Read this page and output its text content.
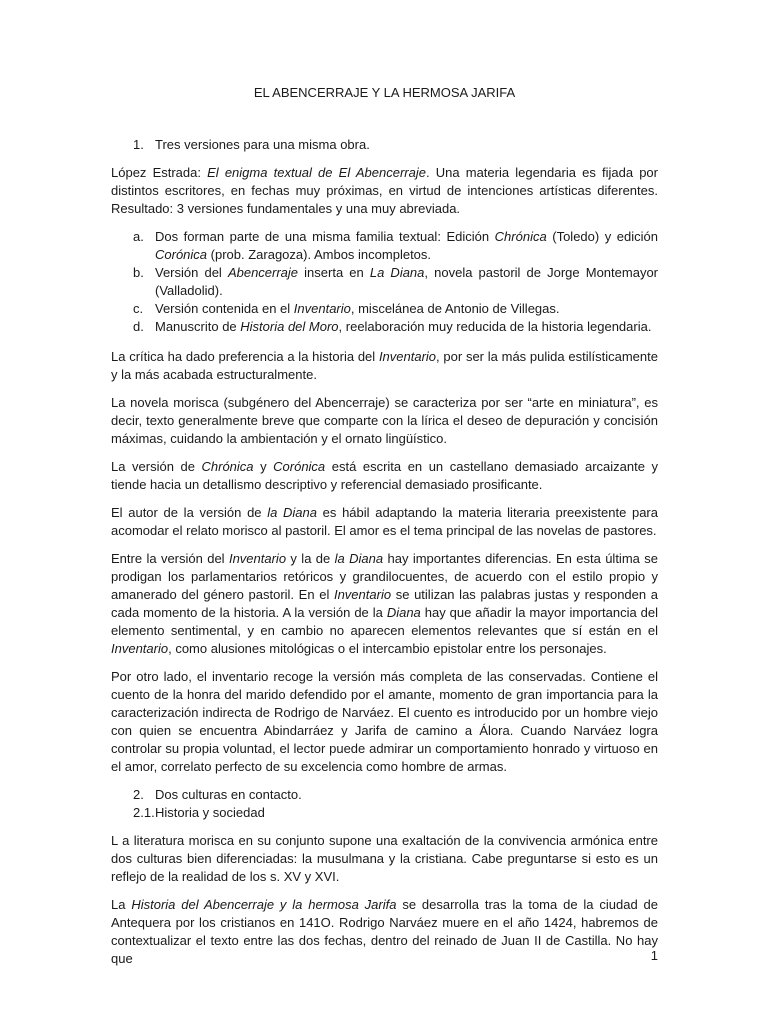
EL ABENCERRAJE Y LA HERMOSA JARIFA
1. Tres versiones para una misma obra.

López Estrada: El enigma textual de El Abencerraje. Una materia legendaria es fijada por distintos escritores, en fechas muy próximas, en virtud de intenciones artísticas diferentes. Resultado: 3 versiones fundamentales y una muy abreviada.

a. Dos forman parte de una misma familia textual: Edición Chrónica (Toledo) y edición Corónica (prob. Zaragoza). Ambos incompletos.
b. Versión del Abencerraje inserta en La Diana, novela pastoril de Jorge Montemayor (Valladolid).
c. Versión contenida en el Inventario, miscelánea de Antonio de Villegas.
d. Manuscrito de Historia del Moro, reelaboración muy reducida de la historia legendaria.

La crítica ha dado preferencia a la historia del Inventario, por ser la más pulida estilísticamente y la más acabada estructuralmente.

La novela morisca (subgénero del Abencerraje) se caracteriza por ser “arte en miniatura”, es decir, texto generalmente breve que comparte con la lírica el deseo de depuración y concisión máximas, cuidando la ambientación y el ornato lingüístico.

La versión de Chrónica y Corónica está escrita en un castellano demasiado arcaizante y tiende hacia un detallismo descriptivo y referencial demasiado prosificante.

El autor de la versión de la Diana es hábil adaptando la materia literaria preexistente para acomodar el relato morisco al pastoril. El amor es el tema principal de las novelas de pastores.

Entre la versión del Inventario y la de la Diana hay importantes diferencias. En esta última se prodigan los parlamentarios retóricos y grandilocuentes, de acuerdo con el estilo propio y amanerado del género pastoril. En el Inventario se utilizan las palabras justas y responden a cada momento de la historia. A la versión de la Diana hay que añadir la mayor importancia del elemento sentimental, y en cambio no aparecen elementos relevantes que sí están en el Inventario, como alusiones mitológicas o el intercambio epistolar entre los personajes.

Por otro lado, el inventario recoge la versión más completa de las conservadas. Contiene el cuento de la honra del marido defendido por el amante, momento de gran importancia para la caracterización indirecta de Rodrigo de Narváez. El cuento es introducido por un hombre viejo con quien se encuentra Abindarráez y Jarifa de camino a Álora. Cuando Narváez logra controlar su propia voluntad, el lector puede admirar un comportamiento honrado y virtuoso en el amor, correlato perfecto de su excelencia como hombre de armas.

2. Dos culturas en contacto.
2.1. Historia y sociedad

L a literatura morisca en su conjunto supone una exaltación de la convivencia armónica entre dos culturas bien diferenciadas: la musulmana y la cristiana. Cabe preguntarse si esto es un reflejo de la realidad de los s. XV y XVI.

La Historia del Abencerraje y la hermosa Jarifa se desarrolla tras la toma de la ciudad de Antequera por los cristianos en 141O. Rodrigo Narváez muere en el año 1424, habremos de contextualizar el texto entre las dos fechas, dentro del reinado de Juan II de Castilla. No hay que	1
